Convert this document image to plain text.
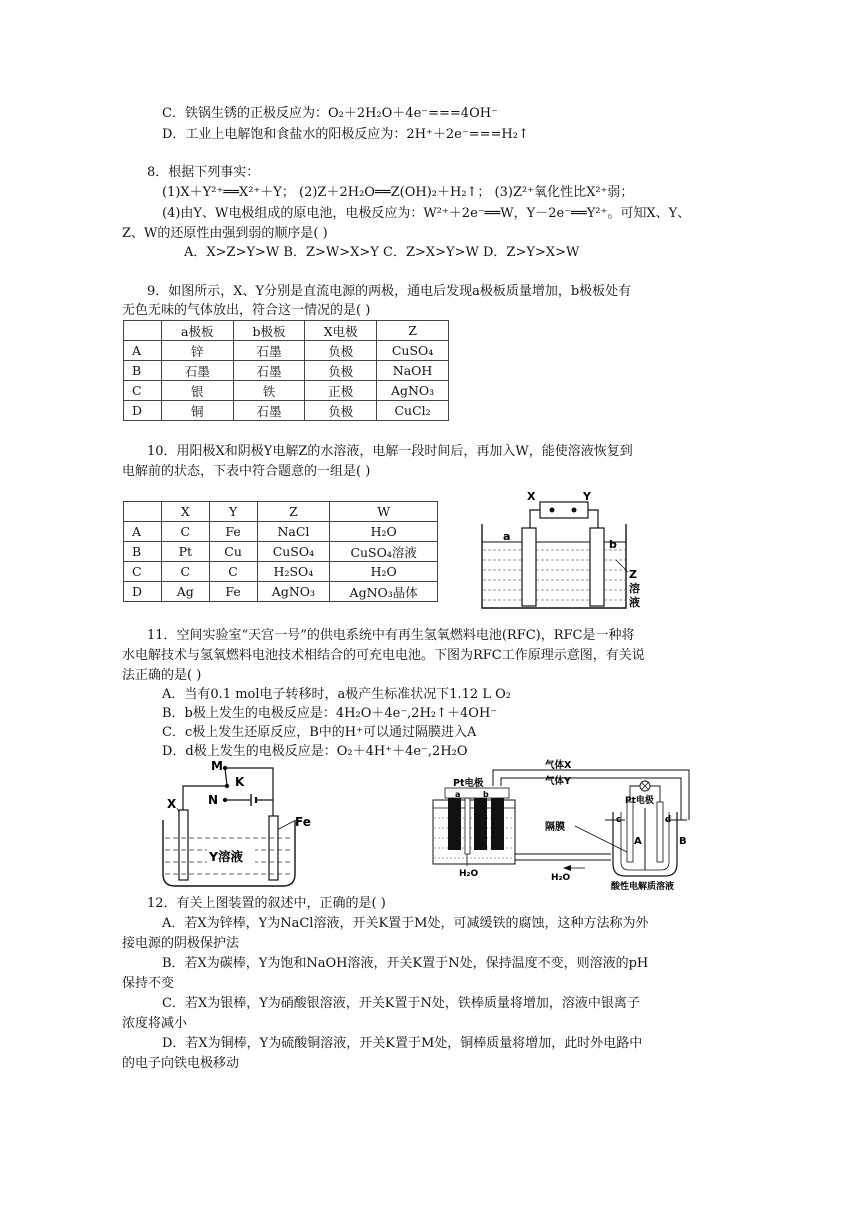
C．铁锅生锈的正极反应为：O₂＋2H₂O＋4e⁻===4OH⁻
D．工业上电解饱和食盐水的阳极反应为：2H⁺＋2e⁻===H₂↑
8．根据下列事实：
(1)X＋Y²⁺══X²⁺＋Y； (2)Z＋2H₂O══Z(OH)₂＋H₂↑； (3)Z²⁺氧化性比X²⁺弱；
(4)由Y、W电极组成的原电池，电极反应为：W²⁺＋2e⁻══W，Y－2e⁻══Y²⁺。可知X、Y、
Z、W的还原性由强到弱的顺序是( )
A．X>Z>Y>W B．Z>W>X>Y C．Z>X>Y>W D．Z>Y>X>W
9．如图所示，X、Y分别是直流电源的两极，通电后发现a极板质量增加，b极板处有
无色无味的气体放出，符合这一情况的是( )
	a极板	b极板	X电极	Z
A	锌	石墨	负极	CuSO₄
B	石墨	石墨	负极	NaOH
C	银	铁	正极	AgNO₃
D	铜	石墨	负极	CuCl₂
10．用阳极X和阴极Y电解Z的水溶液，电解一段时间后，再加入W，能使溶液恢复到
电解前的状态，下表中符合题意的一组是( )
	X	Y	Z	W
A	C	Fe	NaCl	H₂O
B	Pt	Cu	CuSO₄	CuSO₄溶液
C	C	C	H₂SO₄	H₂O
D	Ag	Fe	AgNO₃	AgNO₃晶体
X	Y
a
b
Z
溶
液
11．空间实验室“天宫一号”的供电系统中有再生氢氧燃料电池(RFC)，RFC是一种将
水电解技术与氢氧燃料电池技术相结合的可充电电池。下图为RFC工作原理示意图，有关说
法正确的是( )
A．当有0.1 mol电子转移时，a极产生标准状况下1.12 L O₂
B．b极上发生的电极反应是：4H₂O＋4e⁻,2H₂↑＋4OH⁻
C．c极上发生还原反应，B中的H⁺可以通过隔膜进入A
D．d极上发生的电极反应是：O₂＋4H⁺＋4e⁻,2H₂O
M
K
N
X
Fe
Y溶液
气体X
气体Y
Pt电极
a	b
H₂O	H₂O
隔膜
Pt电极
c	d
A	B
酸性电解质溶液
12．有关上图装置的叙述中，正确的是( )
A．若X为锌棒，Y为NaCl溶液，开关K置于M处，可减缓铁的腐蚀，这种方法称为外
接电源的阴极保护法
B．若X为碳棒，Y为饱和NaOH溶液，开关K置于N处，保持温度不变，则溶液的pH
保持不变
C．若X为银棒，Y为硝酸银溶液，开关K置于N处，铁棒质量将增加，溶液中银离子
浓度将减小
D．若X为铜棒，Y为硫酸铜溶液，开关K置于M处，铜棒质量将增加，此时外电路中
的电子向铁电极移动
